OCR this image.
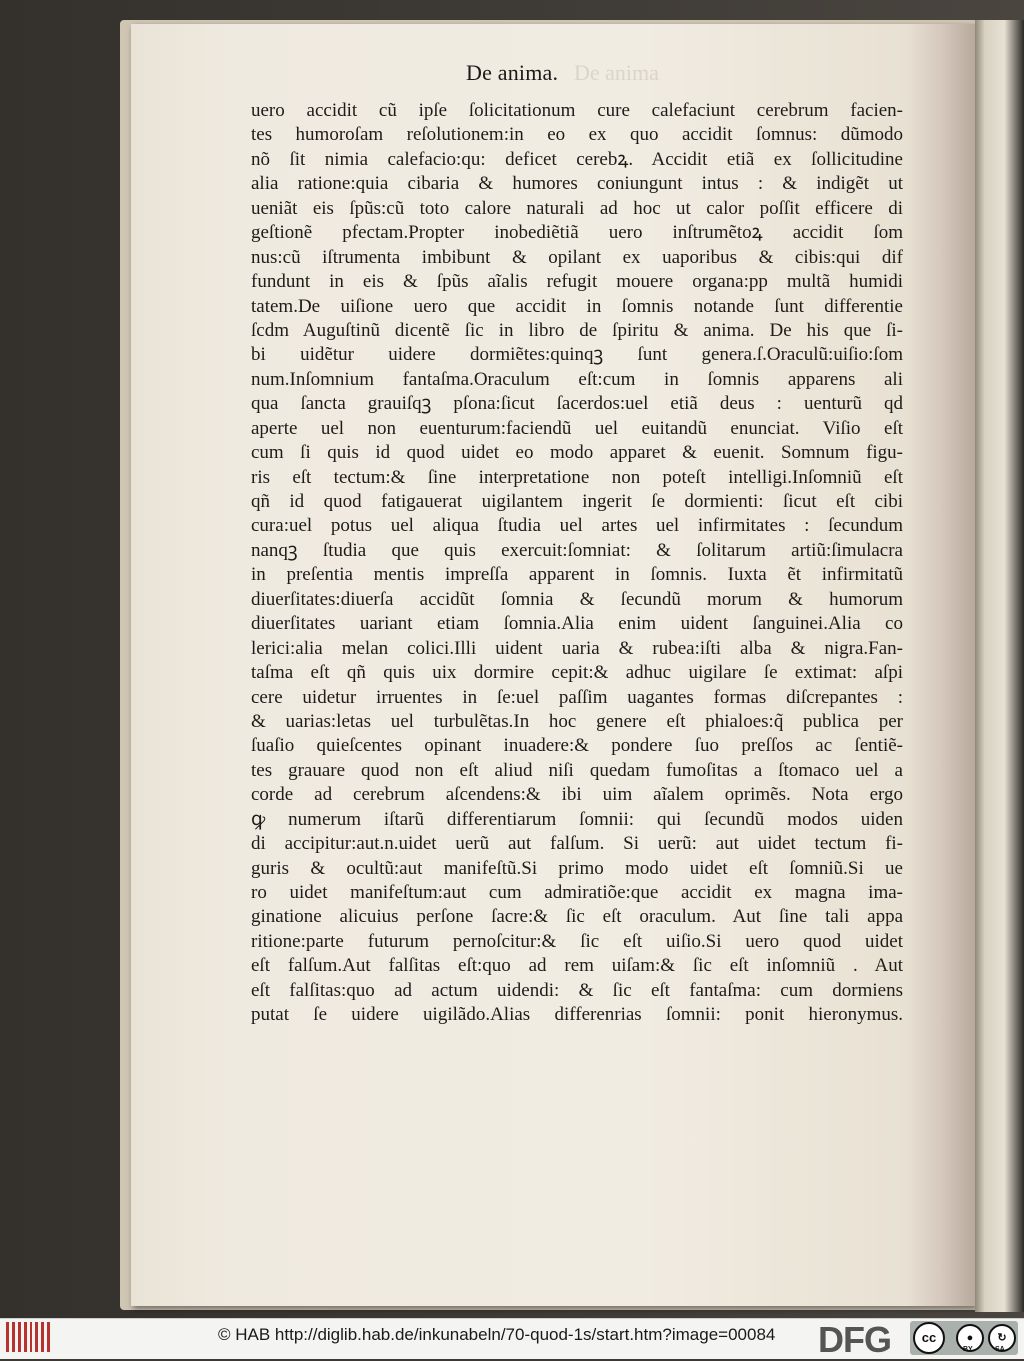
De anima
De anima.
uero accidit cũ ipſe ſolicitationum cure calefaciunt cerebrum facien-
tes humoroſam reſolutionem:in eo ex quo accidit ſomnus: dũmodo
nõ ſit nimia calefacio:qu: deficet cerebꝝ. Accidit etiã ex ſollicitudine
alia ratione:quia cibaria & humores coniungunt intus : & indigẽt ut
ueniãt eis ſpũs:cũ toto calore naturali ad hoc ut calor poſſit efficere di
geſtionẽ pfectam.Propter inobediẽtiã uero inſtrumẽtoꝝ accidit ſom
nus:cũ iſtrumenta imbibunt & opilant ex uaporibus & cibis:qui dif
fundunt in eis & ſpũs aĩalis refugit mouere organa:pp multã humidi
tatem.De uiſione uero que accidit in ſomnis notande ſunt differentie
ſcdm Auguſtinũ dicentẽ ſic in libro de ſpiritu & anima. De his que ſi-
bi uidẽtur uidere dormiẽtes:quinqꝫ ſunt genera.ſ.Oraculũ:uiſio:ſom
num.Inſomnium fantaſma.Oraculum eſt:cum in ſomnis apparens ali
qua ſancta grauiſqꝫ pſona:ſicut ſacerdos:uel etiã deus : uenturũ qd
aperte uel non euenturum:faciendũ uel euitandũ enunciat. Viſio eſt
cum ſi quis id quod uidet eo modo apparet & euenit. Somnum figu-
ris eſt tectum:& ſine interpretatione non poteſt intelligi.Inſomniũ eſt
qñ id quod fatigauerat uigilantem ingerit ſe dormienti: ſicut eſt cibi
cura:uel potus uel aliqua ſtudia uel artes uel infirmitates : ſecundum
nanqꝫ ſtudia que quis exercuit:ſomniat: & ſolitarum artiũ:ſimulacra
in preſentia mentis impreſſa apparent in ſomnis. Iuxta ẽt infirmitatũ
diuerſitates:diuerſa accidũt ſomnia & ſecundũ morum & humorum
diuerſitates uariant etiam ſomnia.Alia enim uident ſanguinei.Alia co
lerici:alia melan colici.Illi uident uaria & rubea:iſti alba & nigra.Fan-
taſma eſt qñ quis uix dormire cepit:& adhuc uigilare ſe extimat: aſpi
cere uidetur irruentes in ſe:uel paſſim uagantes formas diſcrepantes :
& uarias:letas uel turbulẽtas.In hoc genere eſt phialoes:q̃ publica per
ſuaſio quieſcentes opinant inuadere:& pondere ſuo preſſos ac ſentiẽ-
tes grauare quod non eſt aliud niſi quedam fumoſitas a ſtomaco uel a
corde ad cerebrum aſcendens:& ibi uim aĩalem oprimẽs. Nota ergo
ꝙ numerum iſtarũ differentiarum ſomnii: qui ſecundũ modos uiden
di accipitur:aut.n.uidet uerũ aut falſum. Si uerũ: aut uidet tectum fi-
guris & ocultũ:aut manifeſtũ.Si primo modo uidet eſt ſomniũ.Si ue
ro uidet manifeſtum:aut cum admiratiõe:que accidit ex magna ima-
ginatione alicuius perſone ſacre:& ſic eſt oraculum. Aut ſine tali appa
ritione:parte futurum pernoſcitur:& ſic eſt uiſio.Si uero quod uidet
eſt falſum.Aut falſitas eſt:quo ad rem uiſam:& ſic eſt inſomniũ . Aut
eſt falſitas:quo ad actum uidendi: & ſic eſt fantaſma: cum dormiens
putat ſe uidere uigilãdo.Alias differenrias ſomnii: ponit hieronymus.
© HAB http://diglib.hab.de/inkunabeln/70-quod-1s/start.htm?image=00084 DFG	cc	●	↻
BY	SA
